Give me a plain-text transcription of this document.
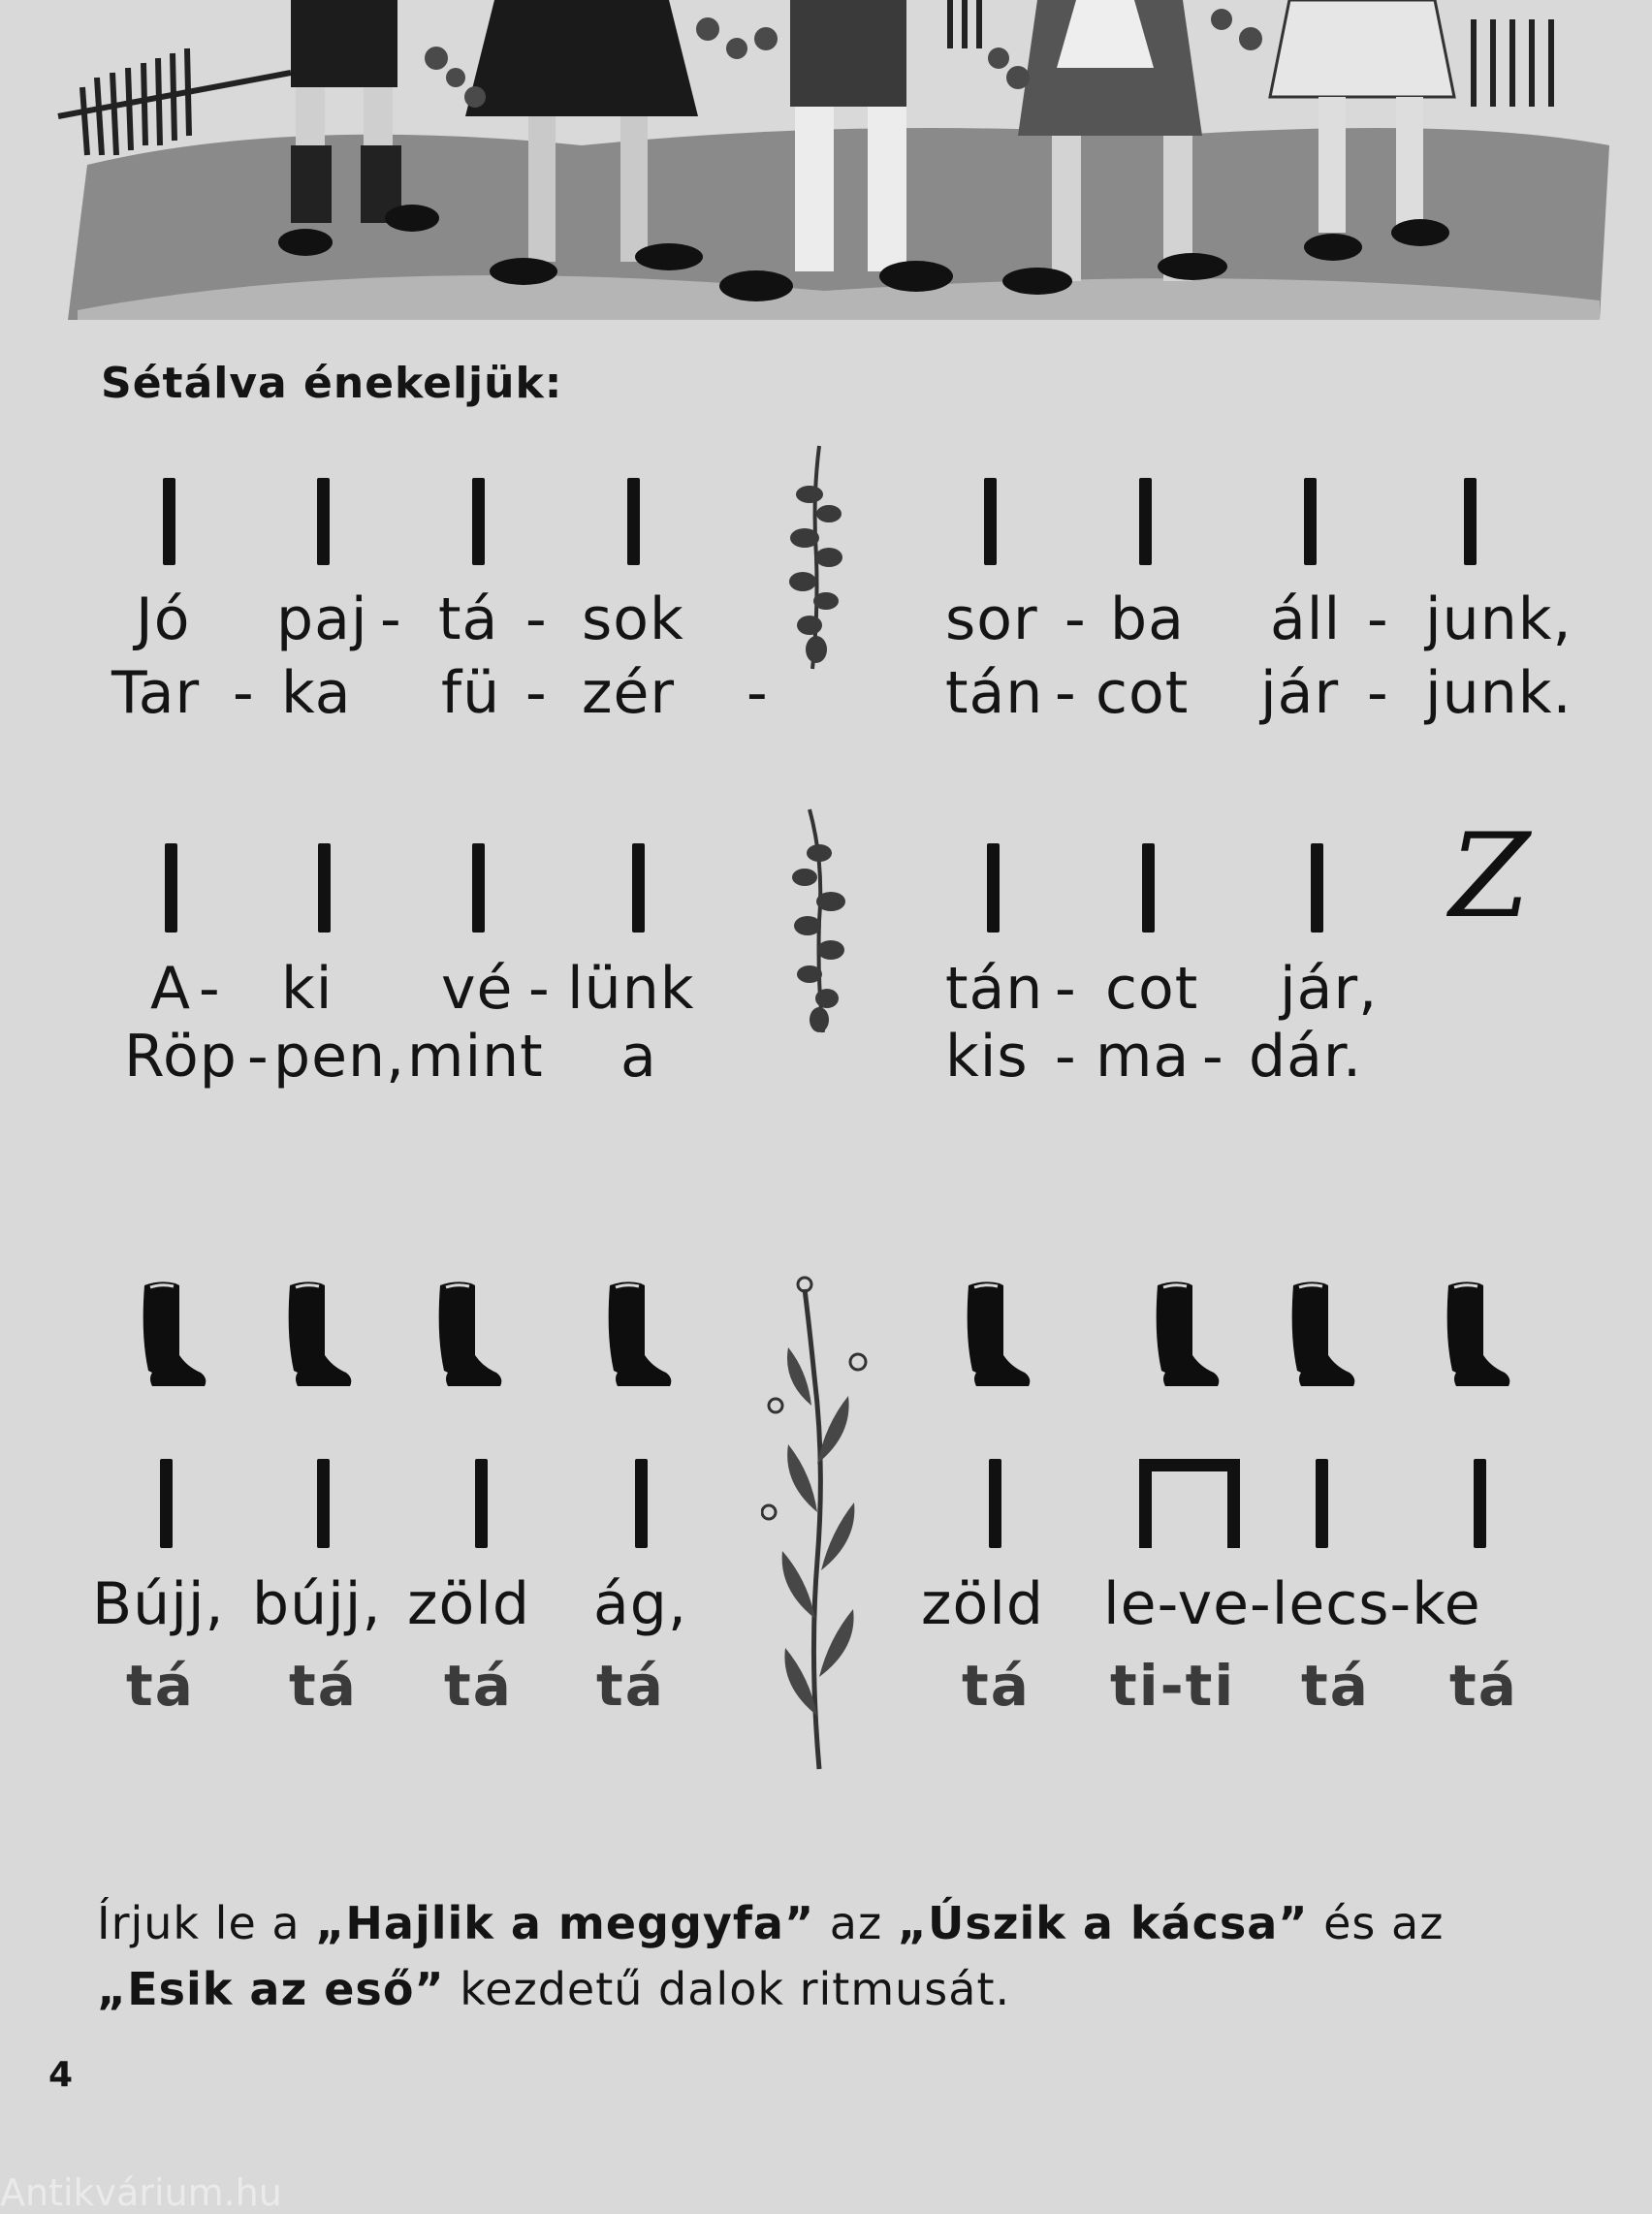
Sétálva énekeljük:
Jó paj - tá - sok	sor - ba áll - junk,
Tar - ka fü - zér -	tán - cot jár - junk.
Z
A - ki vé - lünk	tán - cot jár,
Röp - pen, mint a	kis - ma - dár.
Bújj, bújj, zöld ág,	zöld le-ve-lecs-ke
tá tá tá tá	tá ti-ti tá tá
Írjuk le a „Hajlik a meggyfa” az „Úszik a kácsa” és az
„Esik az eső” kezdetű dalok ritmusát.
4
Antikvárium.hu
